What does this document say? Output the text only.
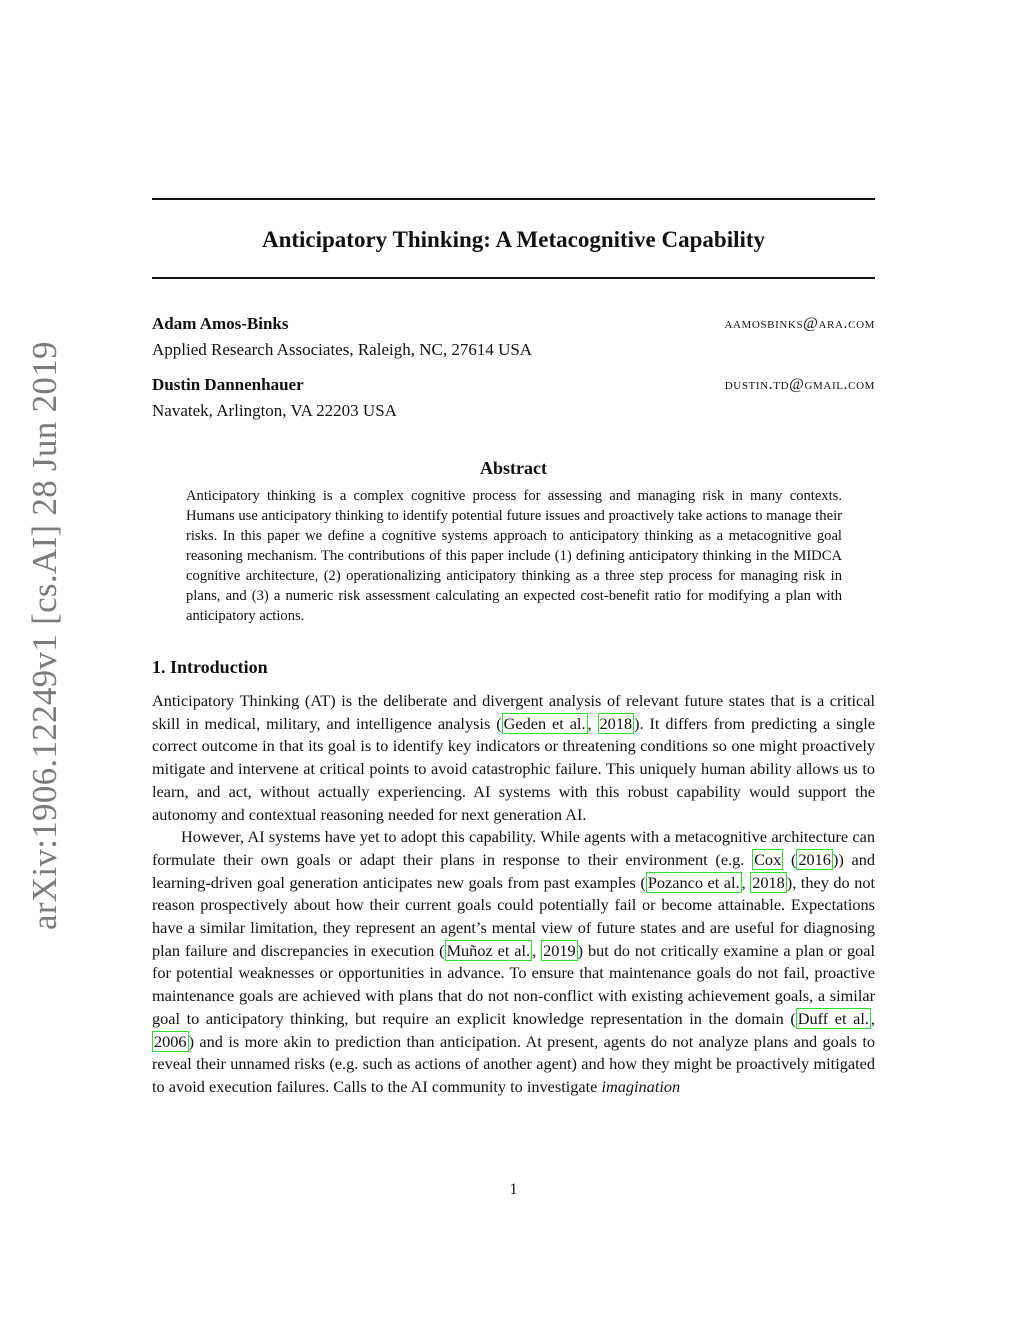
arXiv:1906.12249v1 [cs.AI] 28 Jun 2019
Anticipatory Thinking: A Metacognitive Capability
Adam Amos-Binks
Applied Research Associates, Raleigh, NC, 27614 USA
aamosbinks@ara.com
Dustin Dannenhauer
Navatek, Arlington, VA 22203 USA
dustin.td@gmail.com
Abstract
Anticipatory thinking is a complex cognitive process for assessing and managing risk in many contexts. Humans use anticipatory thinking to identify potential future issues and proactively take actions to manage their risks. In this paper we define a cognitive systems approach to anticipatory thinking as a metacognitive goal reasoning mechanism. The contributions of this paper include (1) defining anticipatory thinking in the MIDCA cognitive architecture, (2) operationalizing anticipatory thinking as a three step process for managing risk in plans, and (3) a numeric risk assessment calculating an expected cost-benefit ratio for modifying a plan with anticipatory actions.
1. Introduction

Anticipatory Thinking (AT) is the deliberate and divergent analysis of relevant future states that is a critical skill in medical, military, and intelligence analysis ( Geden et al. , 2018 ). It differs from predicting a single correct outcome in that its goal is to identify key indicators or threatening conditions so one might proactively mitigate and intervene at critical points to avoid catastrophic failure. This uniquely human ability allows us to learn, and act, without actually experiencing. AI systems with this robust capability would support the autonomy and contextual reasoning needed for next generation AI.

However, AI systems have yet to adopt this capability. While agents with a metacognitive architecture can formulate their own goals or adapt their plans in response to their environment (e.g. Cox ( 2016 )) and learning-driven goal generation anticipates new goals from past examples ( Pozanco et al. , 2018 ), they do not reason prospectively about how their current goals could potentially fail or become attainable. Expectations have a similar limitation, they represent an agent’s mental view of future states and are useful for diagnosing plan failure and discrepancies in execution ( Muñoz et al. , 2019 ) but do not critically examine a plan or goal for potential weaknesses or opportunities in advance. To ensure that maintenance goals do not fail, proactive maintenance goals are achieved with plans that do not non-conflict with existing achievement goals, a similar goal to anticipatory thinking, but require an explicit knowledge representation in the domain ( Duff et al. , 2006 ) and is more akin to prediction than anticipation. At present, agents do not analyze plans and goals to reveal their unnamed risks (e.g. such as actions of another agent) and how they might be proactively mitigated to avoid execution failures. Calls to the AI community to investigate imagination

1
